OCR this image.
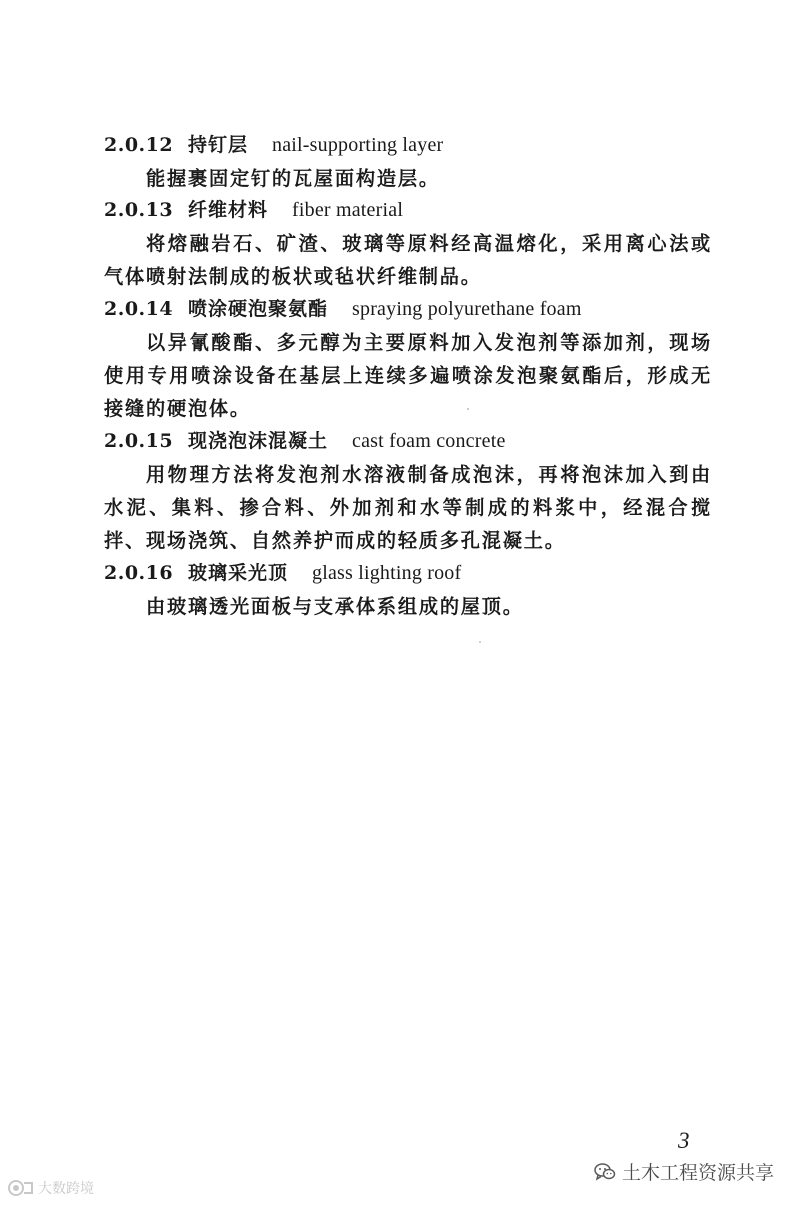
2.0.12 持钉层 nail-supporting layer

能握裹固定钉的瓦屋面构造层。

2.0.13 纤维材料 fiber material

将熔融岩石、矿渣、玻璃等原料经高温熔化，采用离心法或气体喷射法制成的板状或毡状纤维制品。

2.0.14 喷涂硬泡聚氨酯 spraying polyurethane foam

以异氰酸酯、多元醇为主要原料加入发泡剂等添加剂，现场使用专用喷涂设备在基层上连续多遍喷涂发泡聚氨酯后，形成无接缝的硬泡体。

2.0.15 现浇泡沫混凝土 cast foam concrete

用物理方法将发泡剂水溶液制备成泡沫，再将泡沫加入到由水泥、集料、掺合料、外加剂和水等制成的料浆中，经混合搅拌、现场浇筑、自然养护而成的轻质多孔混凝土。

2.0.16 玻璃采光顶 glass lighting roof

由玻璃透光面板与支承体系组成的屋顶。

3
大数跨境
土木工程资源共享
